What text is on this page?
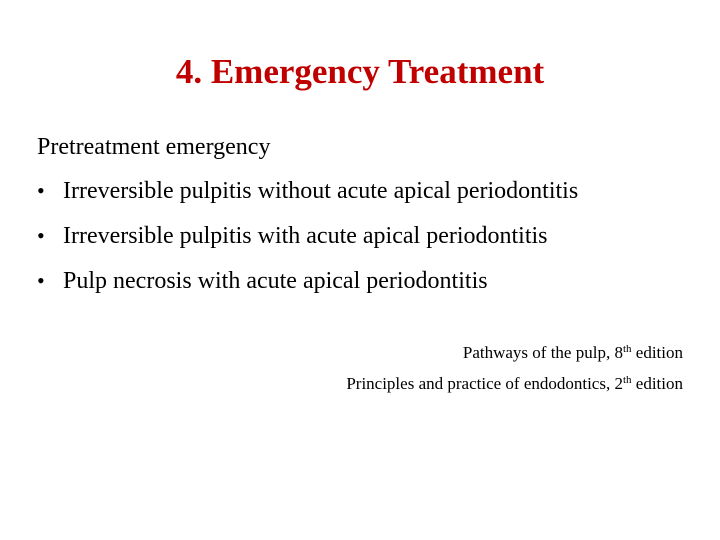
4. Emergency Treatment

Pretreatment emergency

• Irreversible pulpitis without acute apical periodontitis
• Irreversible pulpitis with acute apical periodontitis
• Pulp necrosis with acute apical periodontitis
Pathways of the pulp, 8th edition
Principles and practice of endodontics, 2th edition
